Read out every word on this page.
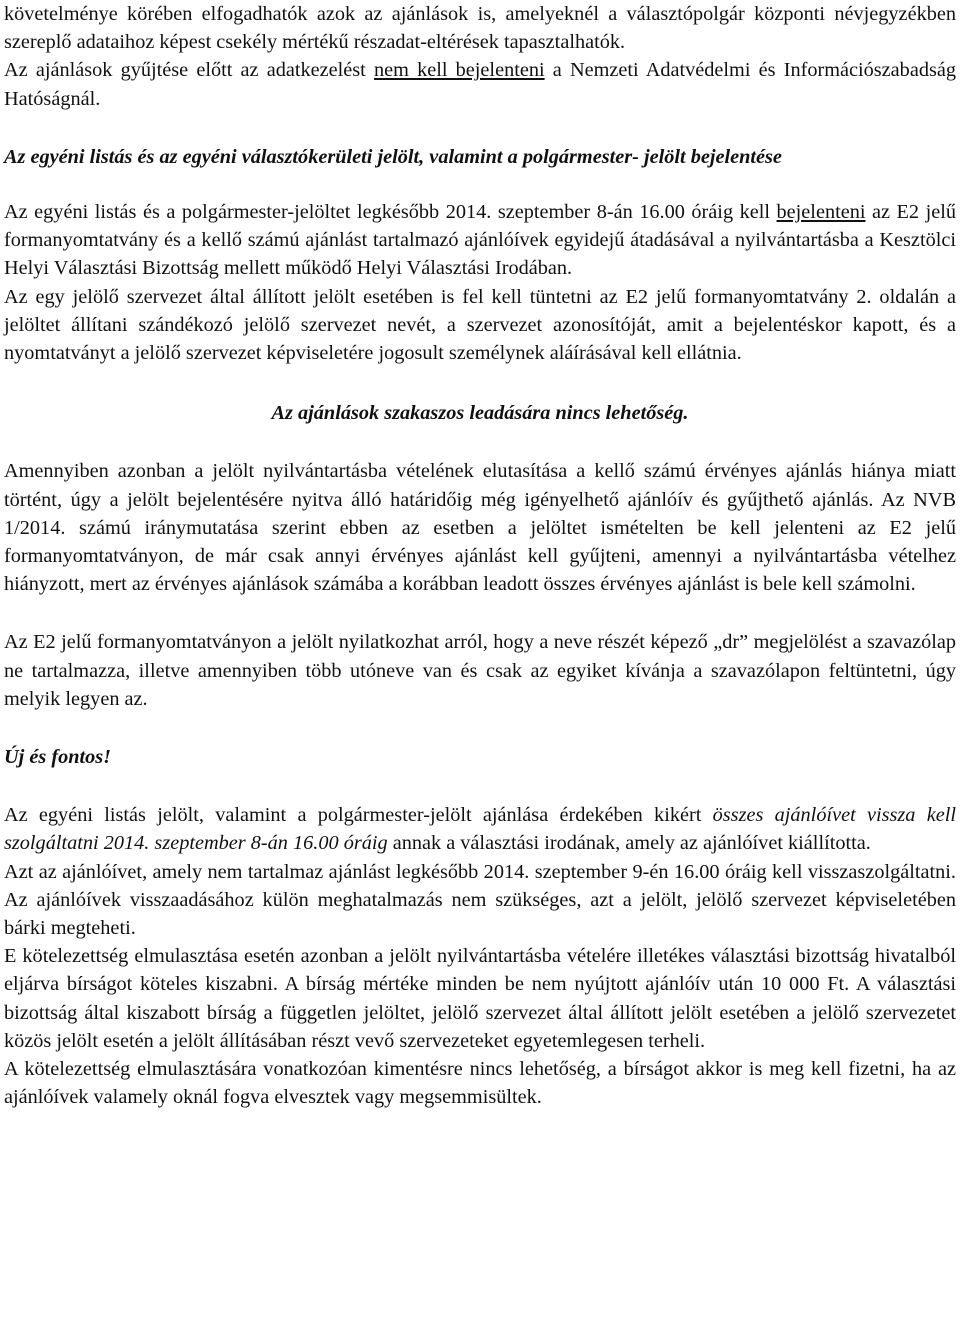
követelménye körében elfogadhatók azok az ajánlások is, amelyeknél a választópolgár központi névjegyzékben szereplő adataihoz képest csekély mértékű részadat-eltérések tapasztalhatók.

Az ajánlások gyűjtése előtt az adatkezelést nem kell bejelenteni a Nemzeti Adatvédelmi és Információszabadság Hatóságnál.

Az egyéni listás és az egyéni választókerületi jelölt, valamint a polgármester- jelölt bejelentése

Az egyéni listás és a polgármester-jelöltet legkésőbb 2014. szeptember 8-án 16.00 óráig kell bejelenteni az E2 jelű formanyomtatvány és a kellő számú ajánlást tartalmazó ajánlóívek egyidejű átadásával a nyilvántartásba a Kesztölci Helyi Választási Bizottság mellett működő Helyi Választási Irodában.

Az egy jelölő szervezet által állított jelölt esetében is fel kell tüntetni az E2 jelű formanyomtatvány 2. oldalán a jelöltet állítani szándékozó jelölő szervezet nevét, a szervezet azonosítóját, amit a bejelentéskor kapott, és a nyomtatványt a jelölő szervezet képviseletére jogosult személynek aláírásával kell ellátnia.

Az ajánlások szakaszos leadására nincs lehetőség.

Amennyiben azonban a jelölt nyilvántartásba vételének elutasítása a kellő számú érvényes ajánlás hiánya miatt történt, úgy a jelölt bejelentésére nyitva álló határidőig még igényelhető ajánlóív és gyűjthető ajánlás. Az NVB 1/2014. számú iránymutatása szerint ebben az esetben a jelöltet ismételten be kell jelenteni az E2 jelű formanyomtatványon, de már csak annyi érvényes ajánlást kell gyűjteni, amennyi a nyilvántartásba vételhez hiányzott, mert az érvényes ajánlások számába a korábban leadott összes érvényes ajánlást is bele kell számolni.

Az E2 jelű formanyomtatványon a jelölt nyilatkozhat arról, hogy a neve részét képező „dr” megjelölést a szavazólap ne tartalmazza, illetve amennyiben több utóneve van és csak az egyiket kívánja a szavazólapon feltüntetni, úgy melyik legyen az.

Új és fontos!

Az egyéni listás jelölt, valamint a polgármester-jelölt ajánlása érdekében kikért összes ajánlóívet vissza kell szolgáltatni 2014. szeptember 8-án 16.00 óráig annak a választási irodának, amely az ajánlóívet kiállította.

Azt az ajánlóívet, amely nem tartalmaz ajánlást legkésőbb 2014. szeptember 9-én 16.00 óráig kell visszaszolgáltatni. Az ajánlóívek visszaadásához külön meghatalmazás nem szükséges, azt a jelölt, jelölő szervezet képviseletében bárki megteheti.

E kötelezettség elmulasztása esetén azonban a jelölt nyilvántartásba vételére illetékes választási bizottság hivatalból eljárva bírságot köteles kiszabni. A bírság mértéke minden be nem nyújtott ajánlóív után 10 000 Ft. A választási bizottság által kiszabott bírság a független jelöltet, jelölő szervezet által állított jelölt esetében a jelölő szervezetet közös jelölt esetén a jelölt állításában részt vevő szervezeteket egyetemlegesen terheli.

A kötelezettség elmulasztására vonatkozóan kimentésre nincs lehetőség, a bírságot akkor is meg kell fizetni, ha az ajánlóívek valamely oknál fogva elvesztek vagy megsemmisültek.
